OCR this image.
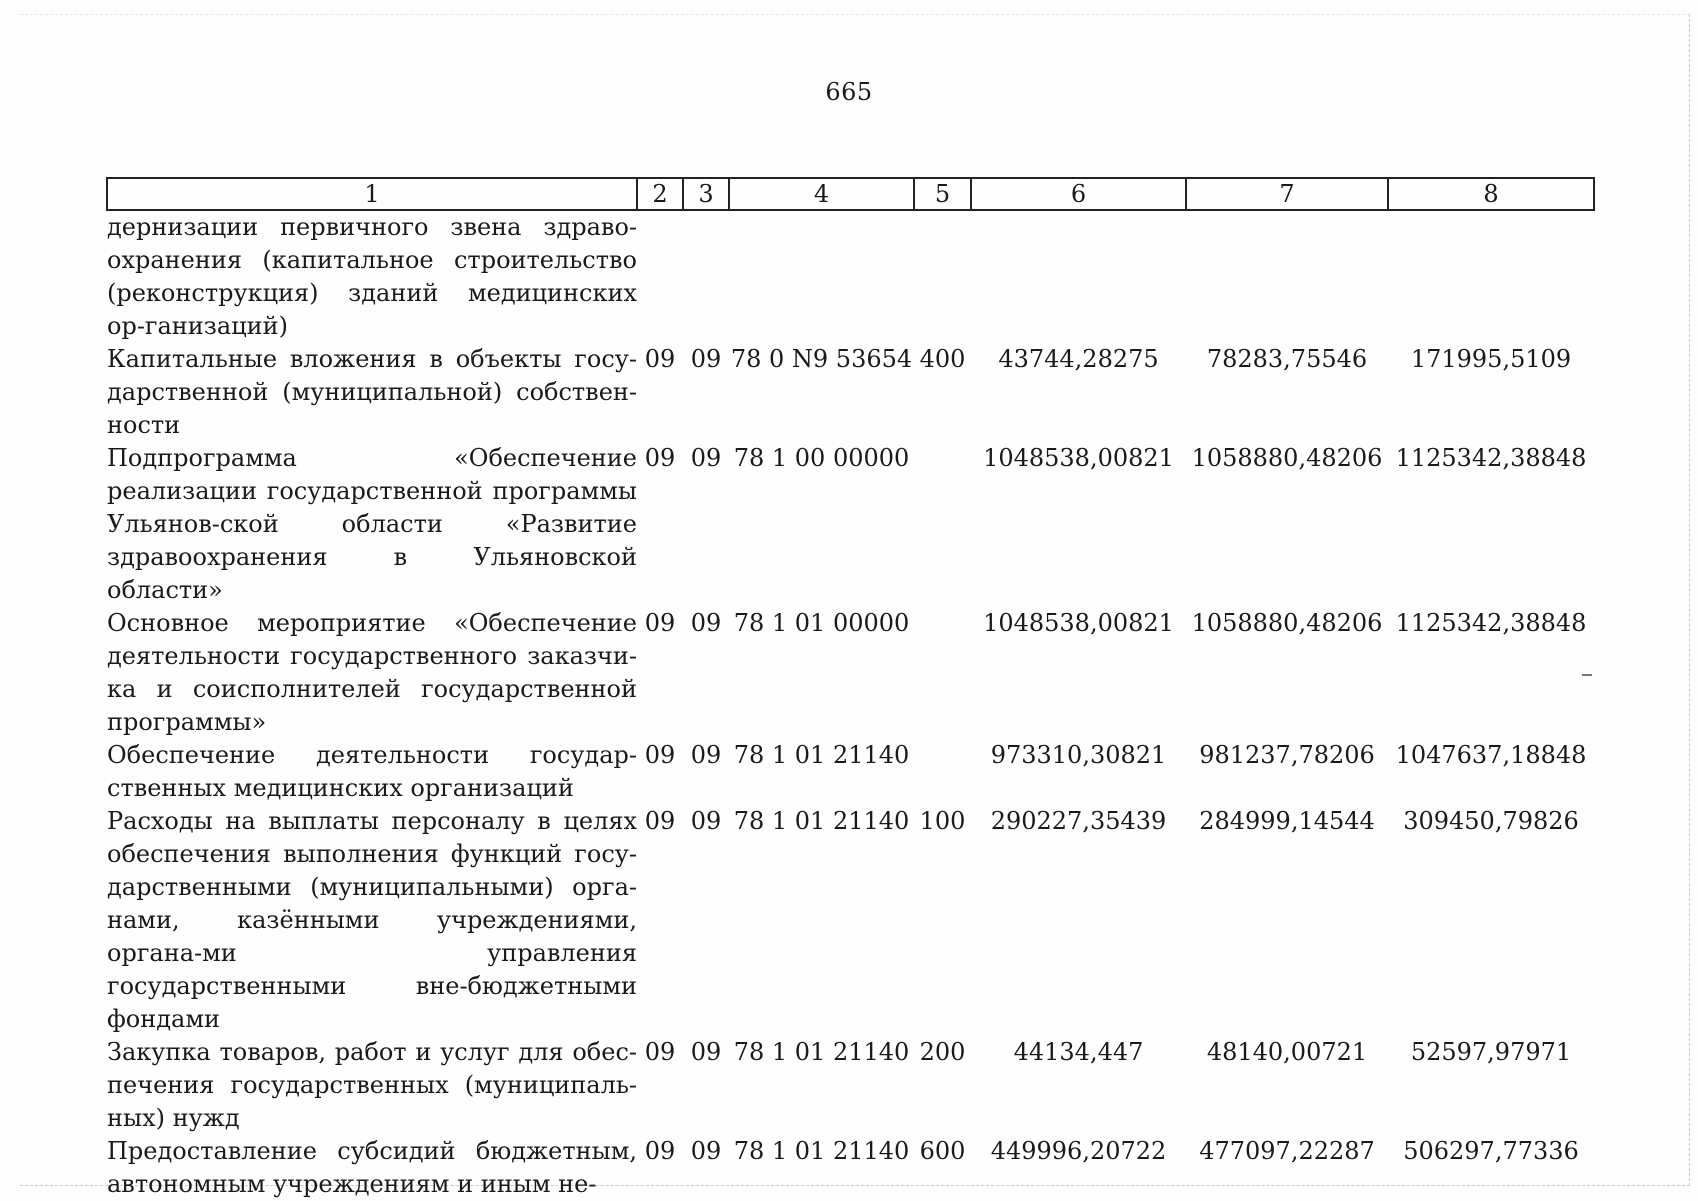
665
1	2	3	4	5	6	7	8
дернизации первичного звена здраво-охранения (капитальное строительство (реконструкция) зданий медицинских ор-ганизаций)							
Капитальные вложения в объекты госу-дарственной (муниципальной) собствен-ности	09	09	78 0 N9 53654	400	43744,28275	78283,75546	171995,5109
Подпрограмма «Обеспечение реализации государственной программы Ульянов-ской области «Развитие здравоохранения в Ульяновской области»	09	09	78 1 00 00000		1048538,00821	1058880,48206	1125342,38848
Основное мероприятие «Обеспечение деятельности государственного заказчи-ка и соисполнителей государственной программы»	09	09	78 1 01 00000		1048538,00821	1058880,48206	1125342,38848
Обеспечение деятельности государ-ственных медицинских организаций	09	09	78 1 01 21140		973310,30821	981237,78206	1047637,18848
Расходы на выплаты персоналу в целях обеспечения выполнения функций госу-дарственными (муниципальными) орга-нами, казёнными учреждениями, органа-ми управления государственными вне-бюджетными фондами	09	09	78 1 01 21140	100	290227,35439	284999,14544	309450,79826
Закупка товаров, работ и услуг для обес-печения государственных (муниципаль-ных) нужд	09	09	78 1 01 21140	200	44134,447	48140,00721	52597,97971
Предоставление субсидий бюджетным, автономным учреждениям и иным не-	09	09	78 1 01 21140	600	449996,20722	477097,22287	506297,77336
